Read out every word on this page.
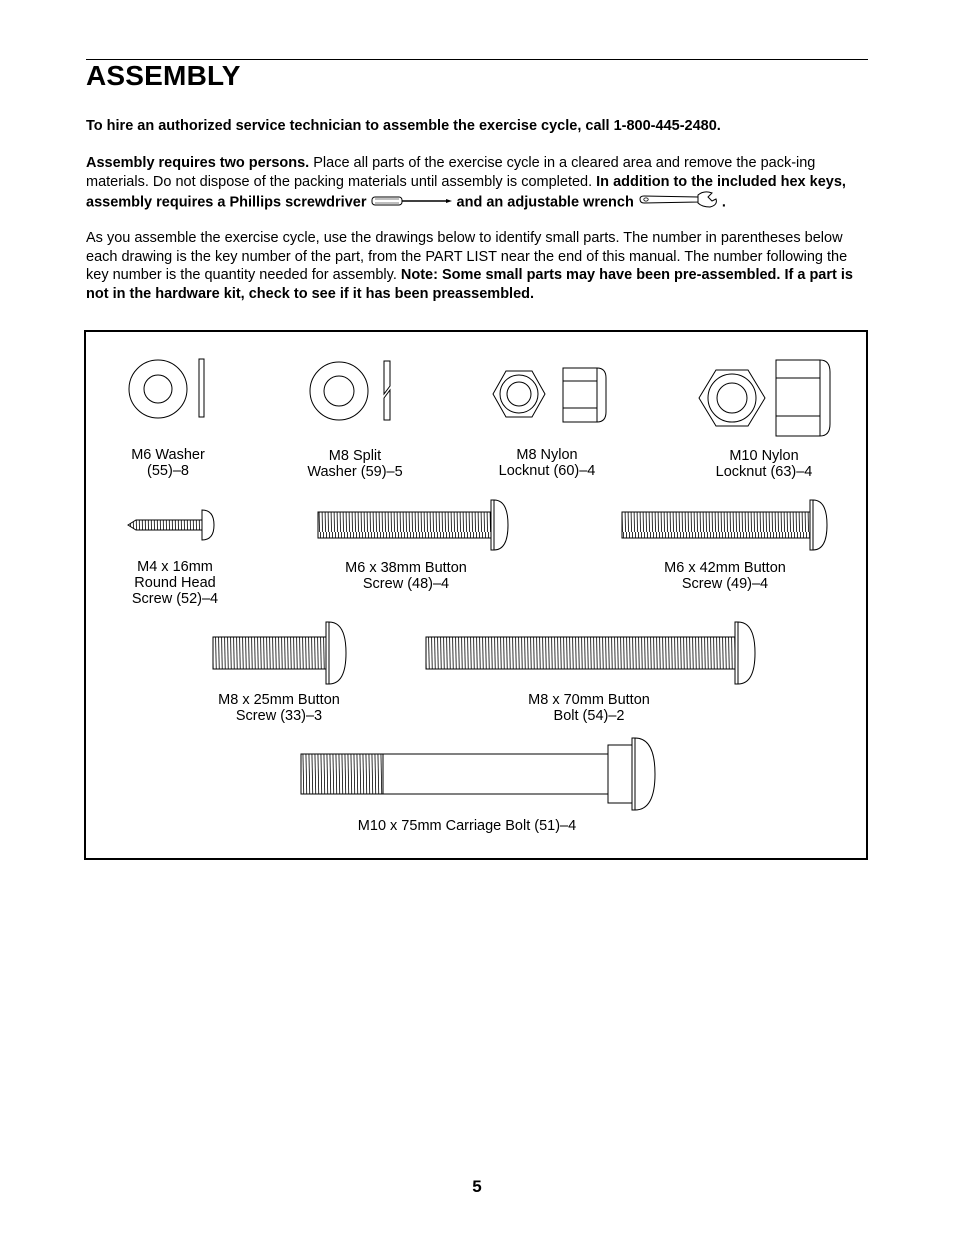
ASSEMBLY
To hire an authorized service technician to assemble the exercise cycle, call 1-800-445-2480.
Assembly requires two persons. Place all parts of the exercise cycle in a cleared area and remove the pack-ing materials. Do not dispose of the packing materials until assembly is completed. In addition to the included hex keys, assembly requires a Phillips screwdriver	and an adjustable wrench	.
As you assemble the exercise cycle, use the drawings below to identify small parts. The number in parentheses below each drawing is the key number of the part, from the PART LIST near the end of this manual. The number following the key number is the quantity needed for assembly. Note: Some small parts may have been pre-assembled. If a part is not in the hardware kit, check to see if it has been preassembled.
M6 Washer
(55)–8
M8 Split
Washer (59)–5
M8 Nylon
Locknut (60)–4
M10 Nylon
Locknut (63)–4
M4 x 16mm
Round Head
Screw (52)–4
M6 x 38mm Button
Screw (48)–4
M6 x 42mm Button
Screw (49)–4
M8 x 25mm Button
Screw (33)–3
M8 x 70mm Button
Bolt (54)–2
M10 x 75mm Carriage Bolt (51)–4
5
